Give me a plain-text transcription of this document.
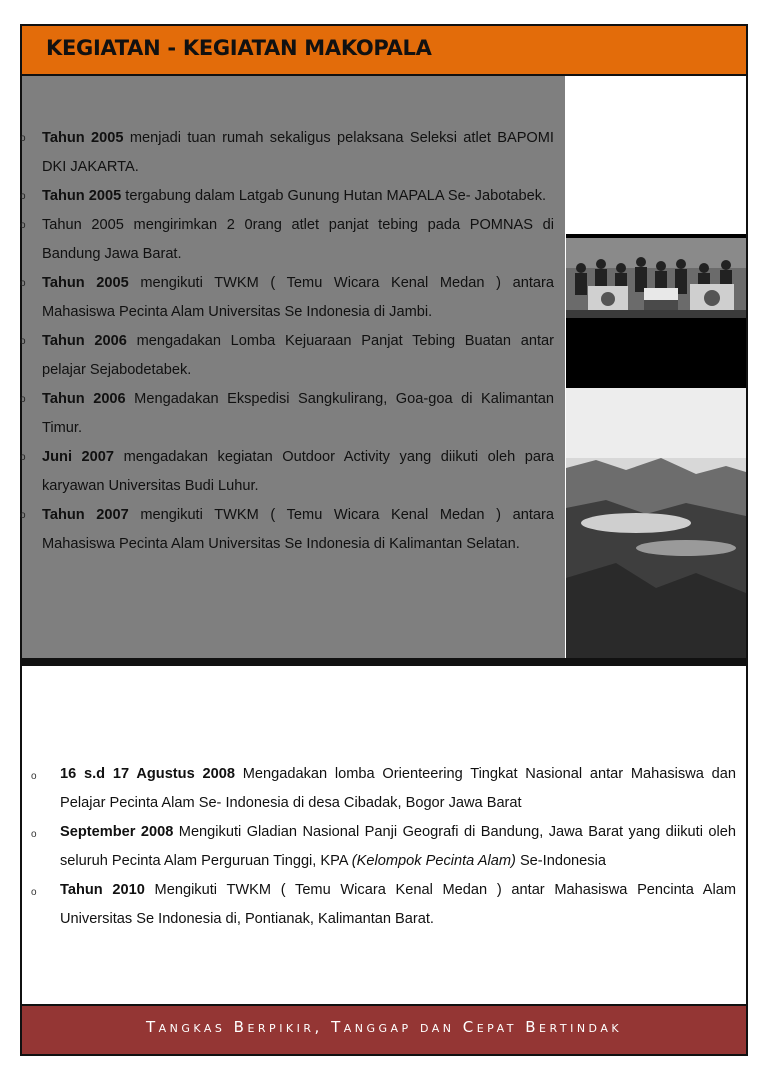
KEGIATAN - KEGIATAN MAKOPALA
o Tahun 2005 menjadi tuan rumah sekaligus pelaksana Seleksi atlet BAPOMI DKI JAKARTA.
o Tahun 2005 tergabung dalam Latgab Gunung Hutan MAPALA Se- Jabotabek.
o Tahun 2005 mengirimkan 2 0rang atlet panjat tebing pada POMNAS di Bandung Jawa Barat.
o Tahun 2005 mengikuti TWKM ( Temu Wicara Kenal Medan ) antara Mahasiswa Pecinta Alam Universitas Se Indonesia di Jambi.
o Tahun 2006 mengadakan Lomba Kejuaraan Panjat Tebing Buatan antar pelajar Sejabodetabek.
o Tahun 2006 Mengadakan Ekspedisi Sangkulirang, Goa-goa di Kalimantan Timur.
o Juni 2007 mengadakan kegiatan Outdoor Activity yang diikuti oleh para karyawan Universitas Budi Luhur.
o Tahun 2007 mengikuti TWKM ( Temu Wicara Kenal Medan ) antara Mahasiswa Pecinta Alam Universitas Se Indonesia di Kalimantan Selatan.
o 16 s.d 17 Agustus 2008 Mengadakan lomba Orienteering Tingkat Nasional antar Mahasiswa dan Pelajar Pecinta Alam Se- Indonesia di desa Cibadak, Bogor Jawa Barat
o September 2008 Mengikuti Gladian Nasional Panji Geografi di Bandung, Jawa Barat yang diikuti oleh seluruh Pecinta Alam Perguruan Tinggi, KPA (Kelompok Pecinta Alam) Se-Indonesia
o Tahun 2010 Mengikuti TWKM ( Temu Wicara Kenal Medan ) antar Mahasiswa Pencinta Alam Universitas Se Indonesia di, Pontianak, Kalimantan Barat.
Tangkas Berpikir, Tanggap dan Cepat Bertindak
